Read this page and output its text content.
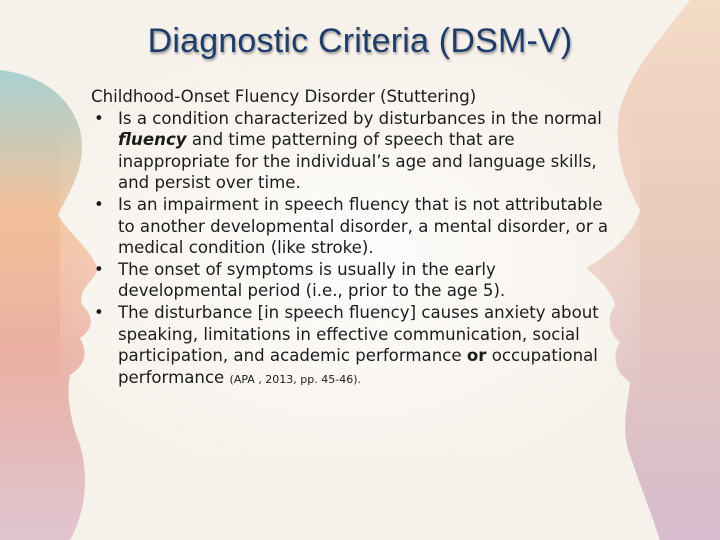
Diagnostic Criteria (DSM-V)

Childhood-Onset Fluency Disorder (Stuttering)

• Is a condition characterized by disturbances in the normal fluency and time patterning of speech that are inappropriate for the individual’s age and language skills, and persist over time.
• Is an impairment in speech fluency that is not attributable to another developmental disorder, a mental disorder, or a medical condition (like stroke).
• The onset of symptoms is usually in the early developmental period (i.e., prior to the age 5).
• The disturbance [in speech fluency] causes anxiety about speaking, limitations in effective communication, social participation, and academic performance or occupational performance (APA , 2013, pp. 45-46).
